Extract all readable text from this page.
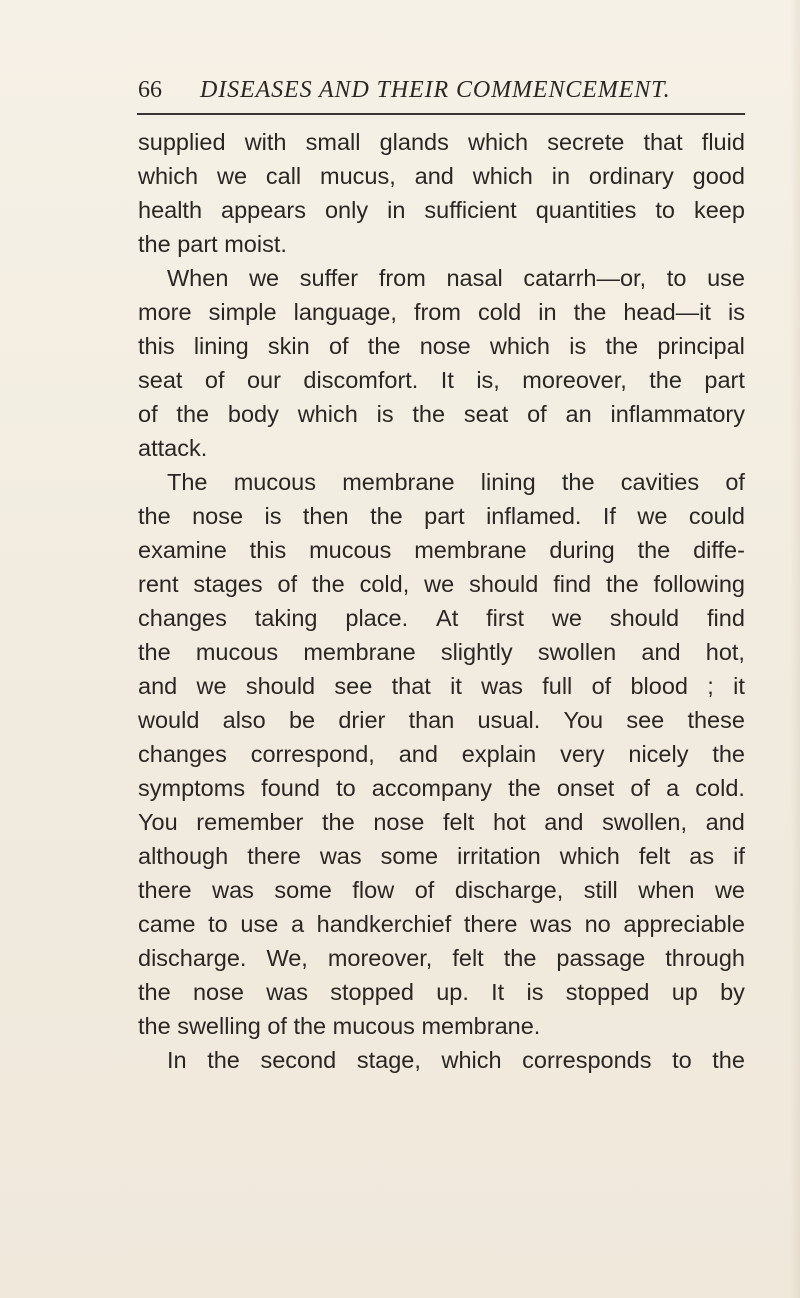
66 DISEASES AND THEIR COMMENCEMENT.
supplied with small glands which secrete that fluid
which we call mucus, and which in ordinary good
health appears only in sufficient quantities to keep
the part moist.
When we suffer from nasal catarrh—or, to use
more simple language, from cold in the head—it is
this lining skin of the nose which is the principal
seat of our discomfort. It is, moreover, the part
of the body which is the seat of an inflammatory
attack.
The mucous membrane lining the cavities of
the nose is then the part inflamed. If we could
examine this mucous membrane during the diffe-
rent stages of the cold, we should find the following
changes taking place. At first we should find
the mucous membrane slightly swollen and hot,
and we should see that it was full of blood ; it
would also be drier than usual. You see these
changes correspond, and explain very nicely the
symptoms found to accompany the onset of a cold.
You remember the nose felt hot and swollen, and
although there was some irritation which felt as if
there was some flow of discharge, still when we
came to use a handkerchief there was no appreciable
discharge. We, moreover, felt the passage through
the nose was stopped up. It is stopped up by
the swelling of the mucous membrane.
In the second stage, which corresponds to the
